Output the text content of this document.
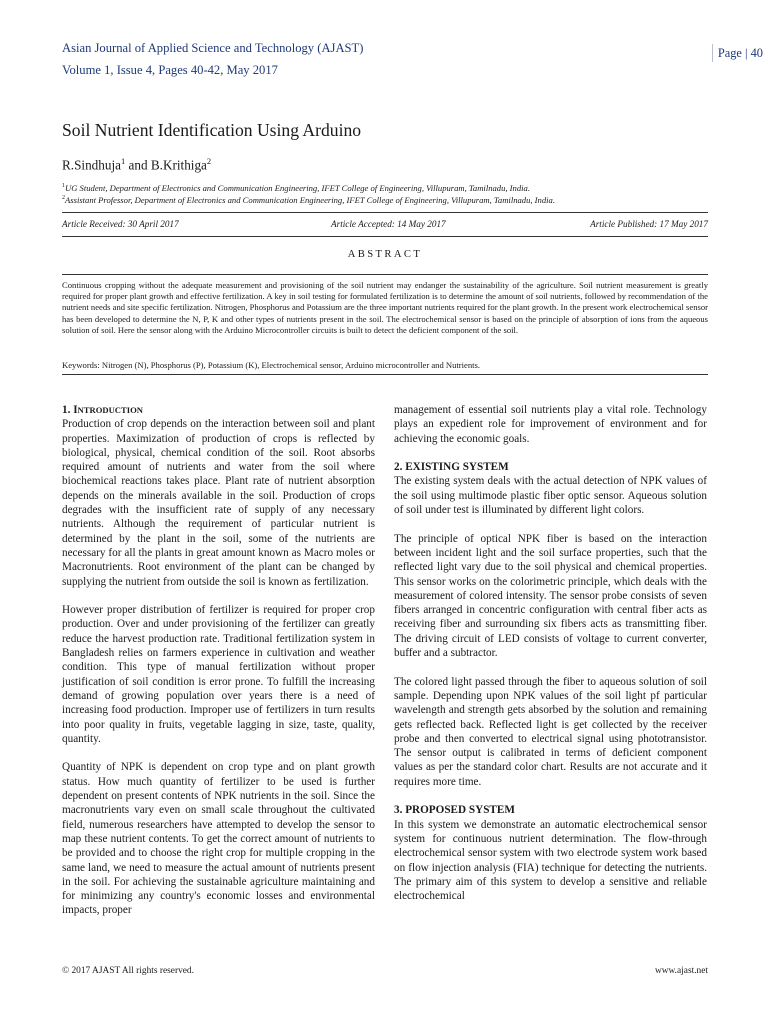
Asian Journal of Applied Science and Technology (AJAST)
Volume 1, Issue 4, Pages 40-42, May 2017
Page | 40
Soil Nutrient Identification Using Arduino
R.Sindhuja$^1$ and B.Krithiga$^2$
$^1$UG Student, Department of Electronics and Communication Engineering, IFET College of Engineering, Villupuram, Tamilnadu, India.
$^2$Assistant Professor, Department of Electronics and Communication Engineering, IFET College of Engineering, Villupuram, Tamilnadu, India.
Article Received: 30 April 2017	Article Accepted: 14 May 2017	Article Published: 17 May 2017
ABSTRACT

Continuous cropping without the adequate measurement and provisioning of the soil nutrient may endanger the sustainability of the agriculture. Soil nutrient measurement is greatly required for proper plant growth and effective fertilization. A key in soil testing for formulated fertilization is to determine the amount of soil nutrients, followed by recommendation of the nutrient needs and site specific fertilization. Nitrogen, Phosphorus and Potassium are the three important nutrients required for the plant growth. In the present work electrochemical sensor has been developed to determine the N, P, K and other types of nutrients present in the soil. The electrochemical sensor is based on the principle of absorption of ions from the aqueous solution of soil. Here the sensor along with the Arduino Microcontroller circuits is built to detect the deficient component of the soil.

Keywords: Nitrogen (N), Phosphorus (P), Potassium (K), Electrochemical sensor, Arduino microcontroller and Nutrients.
1. INTRODUCTION

Production of crop depends on the interaction between soil and plant properties. Maximization of production of crops is reflected by biological, physical, chemical condition of the soil. Root absorbs required amount of nutrients and water from the soil where biochemical reactions takes place. Plant rate of nutrient absorption depends on the minerals available in the soil. Production of crops degrades with the insufficient rate of supply of any necessary nutrients. Although the requirement of particular nutrient is determined by the plant in the soil, some of the nutrients are necessary for all the plants in great amount known as Macro moles or Macronutrients. Root environment of the plant can be changed by supplying the nutrient from outside the soil is known as fertilization.

However proper distribution of fertilizer is required for proper crop production. Over and under provisioning of the fertilizer can greatly reduce the harvest production rate. Traditional fertilization system in Bangladesh relies on farmers experience in cultivation and weather condition. This type of manual fertilization without proper justification of soil condition is error prone. To fulfill the increasing demand of growing population over years there is a need of increasing food production. Improper use of fertilizers in turn results into poor quality in fruits, vegetable lagging in size, taste, quality, quantity.

Quantity of NPK is dependent on crop type and on plant growth status. How much quantity of fertilizer to be used is further dependent on present contents of NPK nutrients in the soil. Since the macronutrients vary even on small scale throughout the cultivated field, numerous researchers have attempted to develop the sensor to map these nutrient contents. To get the correct amount of nutrients to be provided and to choose the right crop for multiple cropping in the same land, we need to measure the actual amount of nutrients present in the soil. For achieving the sustainable agriculture maintaining and for minimizing any country's economic losses and environmental impacts, proper

management of essential soil nutrients play a vital role. Technology plays an expedient role for improvement of environment and for achieving the economic goals.

2. EXISTING SYSTEM

The existing system deals with the actual detection of NPK values of the soil using multimode plastic fiber optic sensor. Aqueous solution of soil under test is illuminated by different light colors.

The principle of optical NPK fiber is based on the interaction between incident light and the soil surface properties, such that the reflected light vary due to the soil physical and chemical properties. This sensor works on the colorimetric principle, which deals with the measurement of colored intensity. The sensor probe consists of seven fibers arranged in concentric configuration with central fiber acts as receiving fiber and surrounding six fibers acts as transmitting fiber. The driving circuit of LED consists of voltage to current converter, buffer and a subtractor.

The colored light passed through the fiber to aqueous solution of soil sample. Depending upon NPK values of the soil light pf particular wavelength and strength gets absorbed by the solution and remaining gets reflected back. Reflected light is get collected by the receiver probe and then converted to electrical signal using phototransistor. The sensor output is calibrated in terms of deficient component values as per the standard color chart. Results are not accurate and it requires more time.

3. PROPOSED SYSTEM

In this system we demonstrate an automatic electrochemical sensor system for continuous nutrient determination. The flow-through electrochemical sensor system with two electrode system work based on flow injection analysis (FIA) technique for detecting the nutrients. The primary aim of this system to develop a sensitive and reliable electrochemical

© 2017 AJAST All rights reserved.	www.ajast.net
